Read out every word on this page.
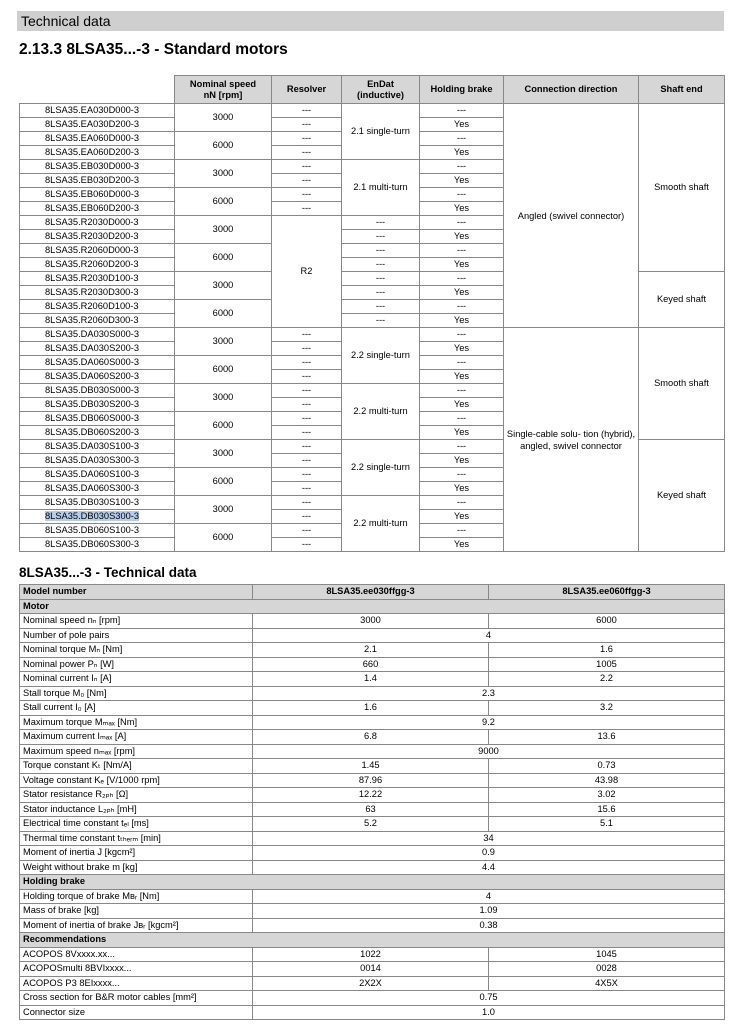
Technical data
2.13.3 8LSA35...-3 - Standard motors
	Nominal speed
nN [rpm]	Resolver	EnDat
(inductive)	Holding brake	Connection direction	Shaft end
8LSA35.EA030D000-3	3000	---	2.1 single-turn	---	Angled (swivel connector)	Smooth shaft
8LSA35.EA030D200-3		---		Yes		
8LSA35.EA060D000-3	6000	---		---		
8LSA35.EA060D200-3		---		Yes		
8LSA35.EB030D000-3	3000	---	2.1 multi-turn	---		
8LSA35.EB030D200-3		---		Yes		
8LSA35.EB060D000-3	6000	---		---		
8LSA35.EB060D200-3		---		Yes		
8LSA35.R2030D000-3	3000	R2	---	---		
8LSA35.R2030D200-3			---	Yes		
8LSA35.R2060D000-3	6000		---	---		
8LSA35.R2060D200-3			---	Yes		
8LSA35.R2030D100-3	3000		---	---		Keyed shaft
8LSA35.R2030D300-3			---	Yes		
8LSA35.R2060D100-3	6000		---	---		
8LSA35.R2060D300-3			---	Yes		
8LSA35.DA030S000-3	3000	---	2.2 single-turn	---	Single-cable solu- tion (hybrid), angled, swivel connector	Smooth shaft
8LSA35.DA030S200-3		---		Yes		
8LSA35.DA060S000-3	6000	---		---		
8LSA35.DA060S200-3		---		Yes		
8LSA35.DB030S000-3	3000	---	2.2 multi-turn	---		
8LSA35.DB030S200-3		---		Yes		
8LSA35.DB060S000-3	6000	---		---		
8LSA35.DB060S200-3		---		Yes		
8LSA35.DA030S100-3	3000	---	2.2 single-turn	---		Keyed shaft
8LSA35.DA030S300-3		---		Yes		
8LSA35.DA060S100-3	6000	---		---		
8LSA35.DA060S300-3		---		Yes		
8LSA35.DB030S100-3	3000	---	2.2 multi-turn	---		
8LSA35.DB030S300-3		---		Yes		
8LSA35.DB060S100-3	6000	---		---		
8LSA35.DB060S300-3		---		Yes		
8LSA35...-3 - Technical data
Model number	8LSA35.ee030ffgg-3	8LSA35.ee060ffgg-3
Motor		
Nominal speed nₙ [rpm]	3000	6000
Number of pole pairs	4	
Nominal torque Mₙ [Nm]	2.1	1.6
Nominal power Pₙ [W]	660	1005
Nominal current Iₙ [A]	1.4	2.2
Stall torque M₀ [Nm]	2.3	
Stall current I₀ [A]	1.6	3.2
Maximum torque Mₘₐₓ [Nm]	9.2	
Maximum current Iₘₐₓ [A]	6.8	13.6
Maximum speed nₘₐₓ [rpm]	9000	
Torque constant Kₜ [Nm/A]	1.45	0.73
Voltage constant Kₑ [V/1000 rpm]	87.96	43.98
Stator resistance R₂ₚₕ [Ω]	12.22	3.02
Stator inductance L₂ₚₕ [mH]	63	15.6
Electrical time constant tₑₗ [ms]	5.2	5.1
Thermal time constant tₜₕₑᵣₘ [min]	34	
Moment of inertia J [kgcm²]	0.9	
Weight without brake m [kg]	4.4	
Holding brake		
Holding torque of brake Mʙᵣ [Nm]	4	
Mass of brake [kg]	1.09	
Moment of inertia of brake Jʙᵣ [kgcm²]	0.38	
Recommendations		
ACOPOS 8Vxxxx.xx...	1022	1045
ACOPOSmulti 8BVIxxxx...	0014	0028
ACOPOS P3 8EIxxxx...	2X2X	4X5X
Cross section for B&R motor cables [mm²]	0.75	
Connector size	1.0	
